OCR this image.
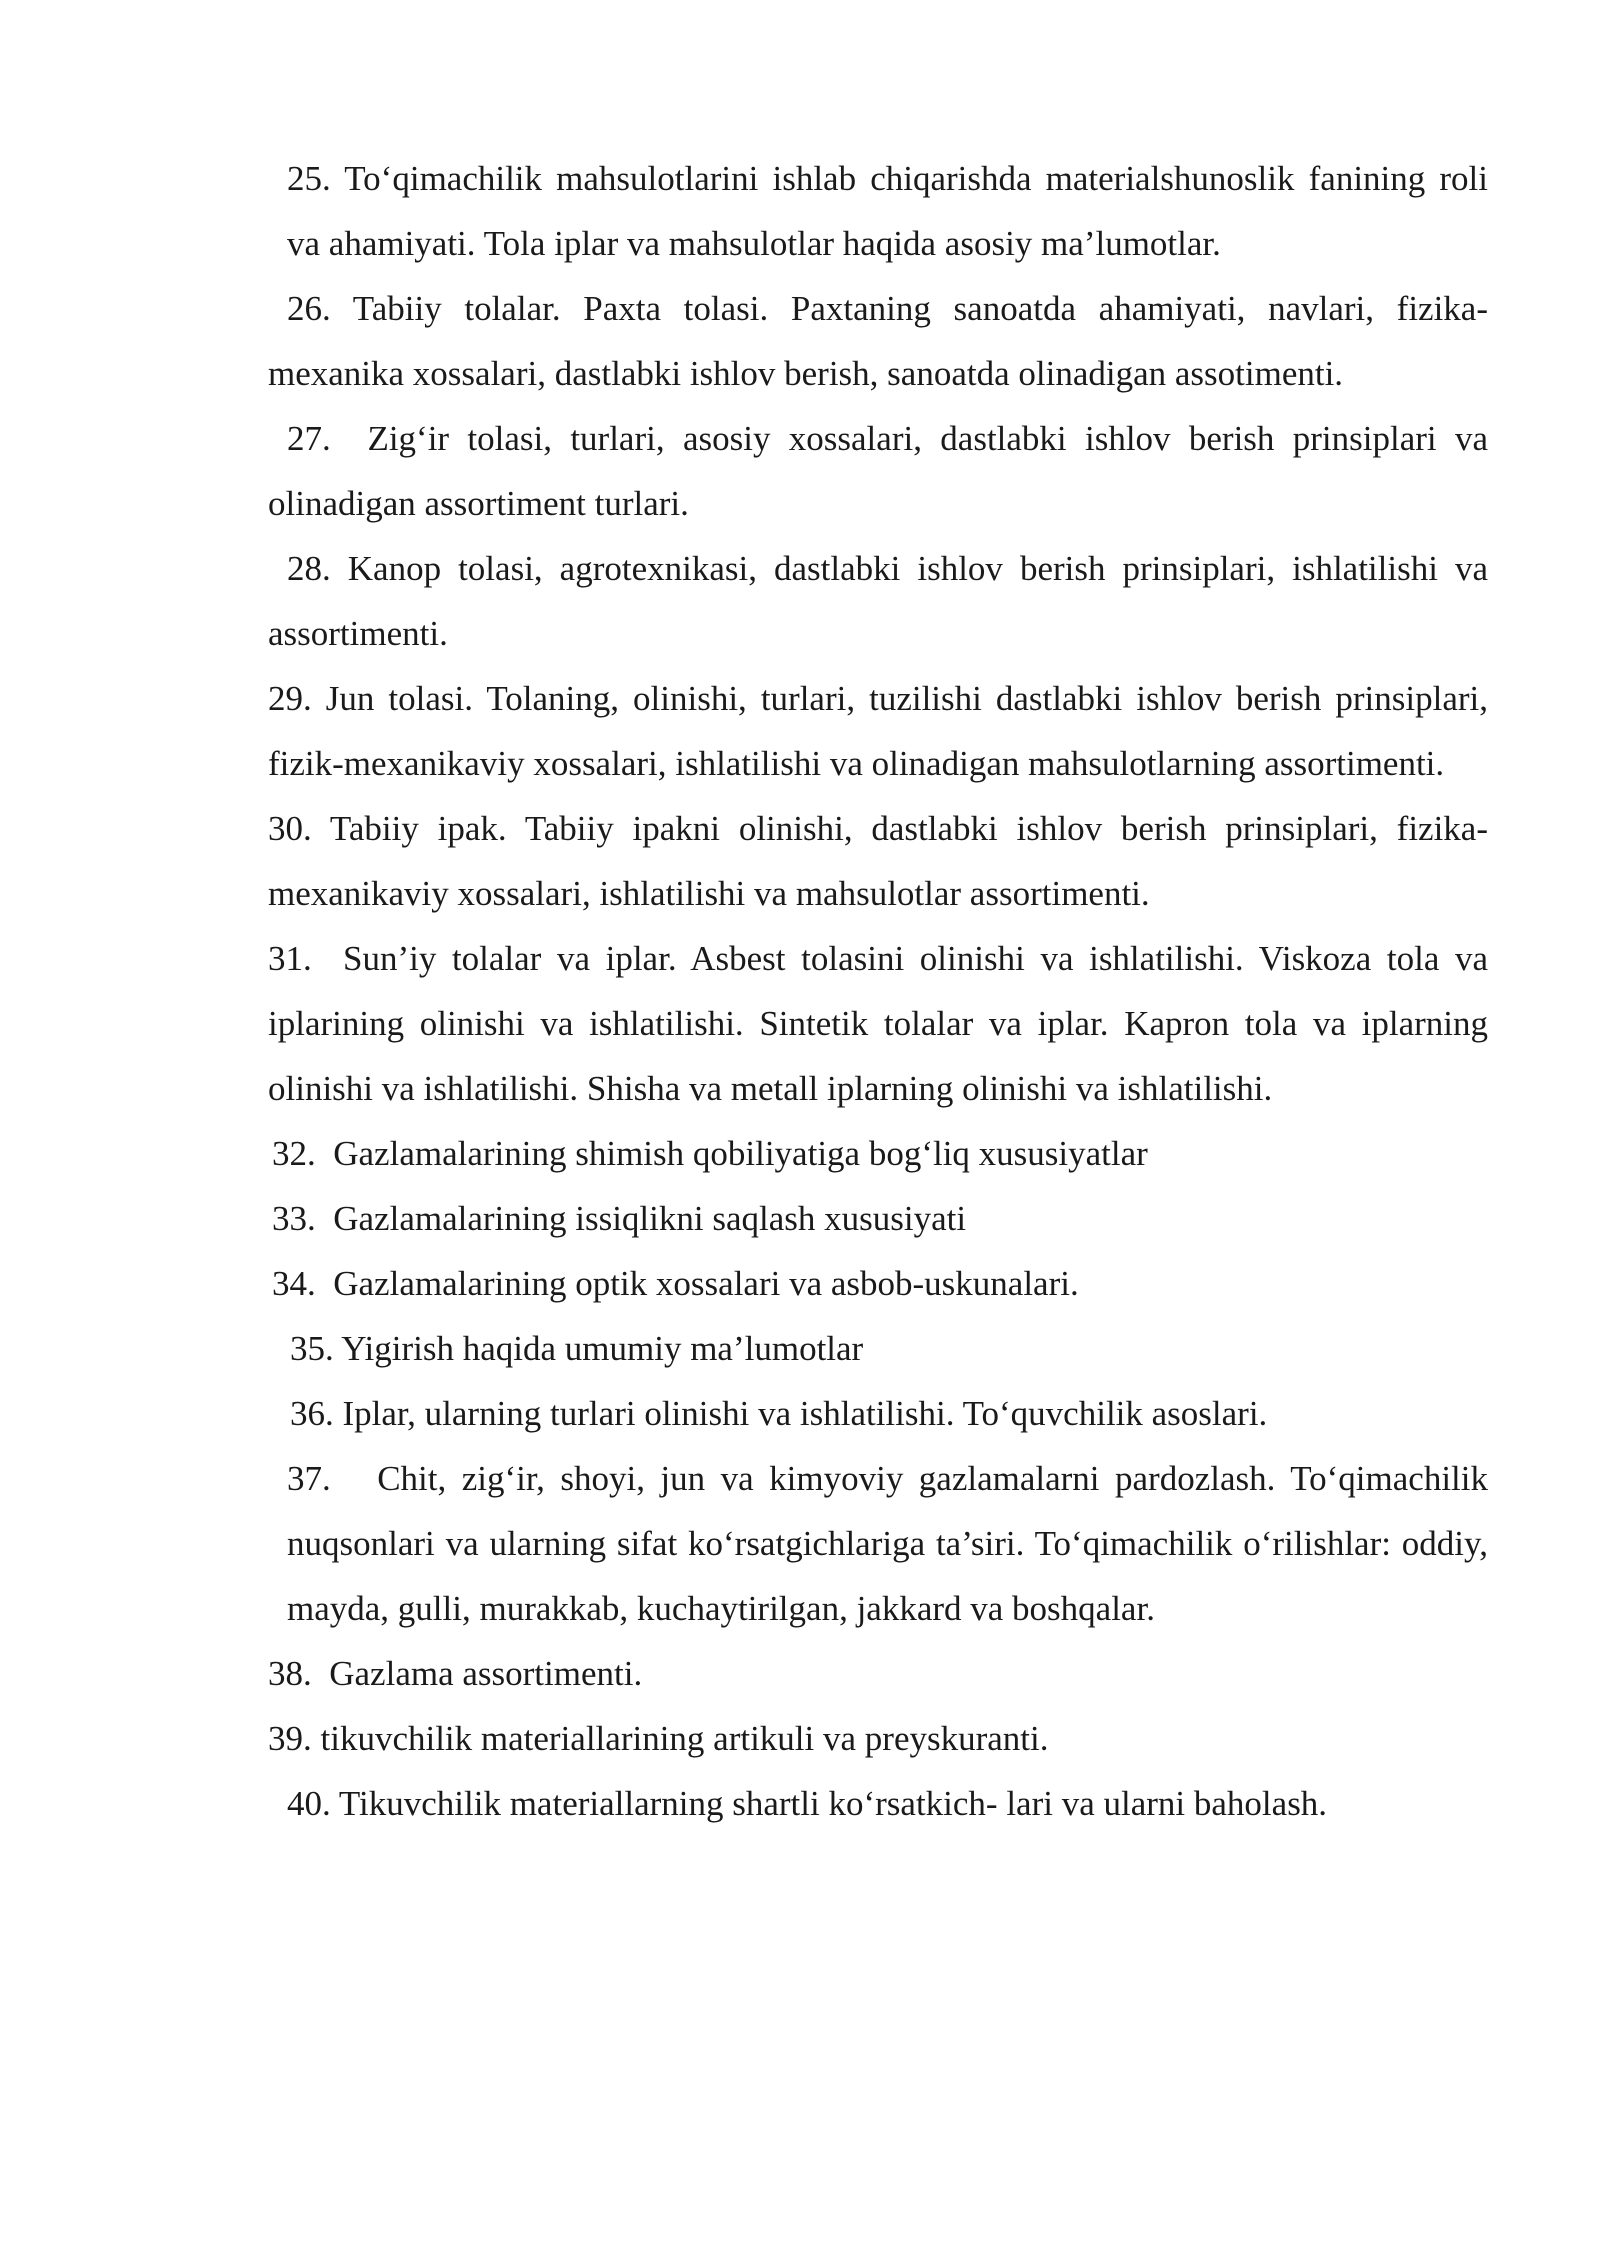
25. To‘qimachilik mahsulotlarini ishlab chiqarishda materialshunoslik fanining roli va ahamiyati. Tola iplar va mahsulotlar haqida asosiy ma’lumotlar.

26. Tabiiy tolalar. Paxta tolasi. Paxtaning sanoatda ahamiyati, navlari, fizika-mexanika xossalari, dastlabki ishlov berish, sanoatda olinadigan assotimenti.

27. Zig‘ir tolasi, turlari, asosiy xossalari, dastlabki ishlov berish prinsiplari va olinadigan assortiment turlari.

28. Kanop tolasi, agrotexnikasi, dastlabki ishlov berish prinsiplari, ishlatilishi va assortimenti.

29. Jun tolasi. Tolaning, olinishi, turlari, tuzilishi dastlabki ishlov berish prinsiplari, fizik-mexanikaviy xossalari, ishlatilishi va olinadigan mahsulotlarning assortimenti.

30. Tabiiy ipak. Tabiiy ipakni olinishi, dastlabki ishlov berish prinsiplari, fizika-mexanikaviy xossalari, ishlatilishi va mahsulotlar assortimenti.

31. Sun’iy tolalar va iplar. Asbest tolasini olinishi va ishlatilishi. Viskoza tola va iplarining olinishi va ishlatilishi. Sintetik tolalar va iplar. Kapron tola va iplarning olinishi va ishlatilishi. Shisha va metall iplarning olinishi va ishlatilishi.

32. Gazlamalarining shimish qobiliyatiga bog‘liq xususiyatlar

33. Gazlamalarining issiqlikni saqlash xususiyati

34. Gazlamalarining optik xossalari va asbob-uskunalari.

35. Yigirish haqida umumiy ma’lumotlar

36. Iplar, ularning turlari olinishi va ishlatilishi. To‘quvchilik asoslari.

37. Chit, zig‘ir, shoyi, jun va kimyoviy gazlamalarni pardozlash. To‘qimachilik nuqsonlari va ularning sifat ko‘rsatgichlariga ta’siri. To‘qimachilik o‘rilishlar: oddiy, mayda, gulli, murakkab, kuchaytirilgan, jakkard va boshqalar.

38. Gazlama assortimenti.

39. tikuvchilik materiallarining artikuli va preyskuranti.

40. Tikuvchilik materiallarning shartli ko‘rsatkich- lari va ularni baholash.
